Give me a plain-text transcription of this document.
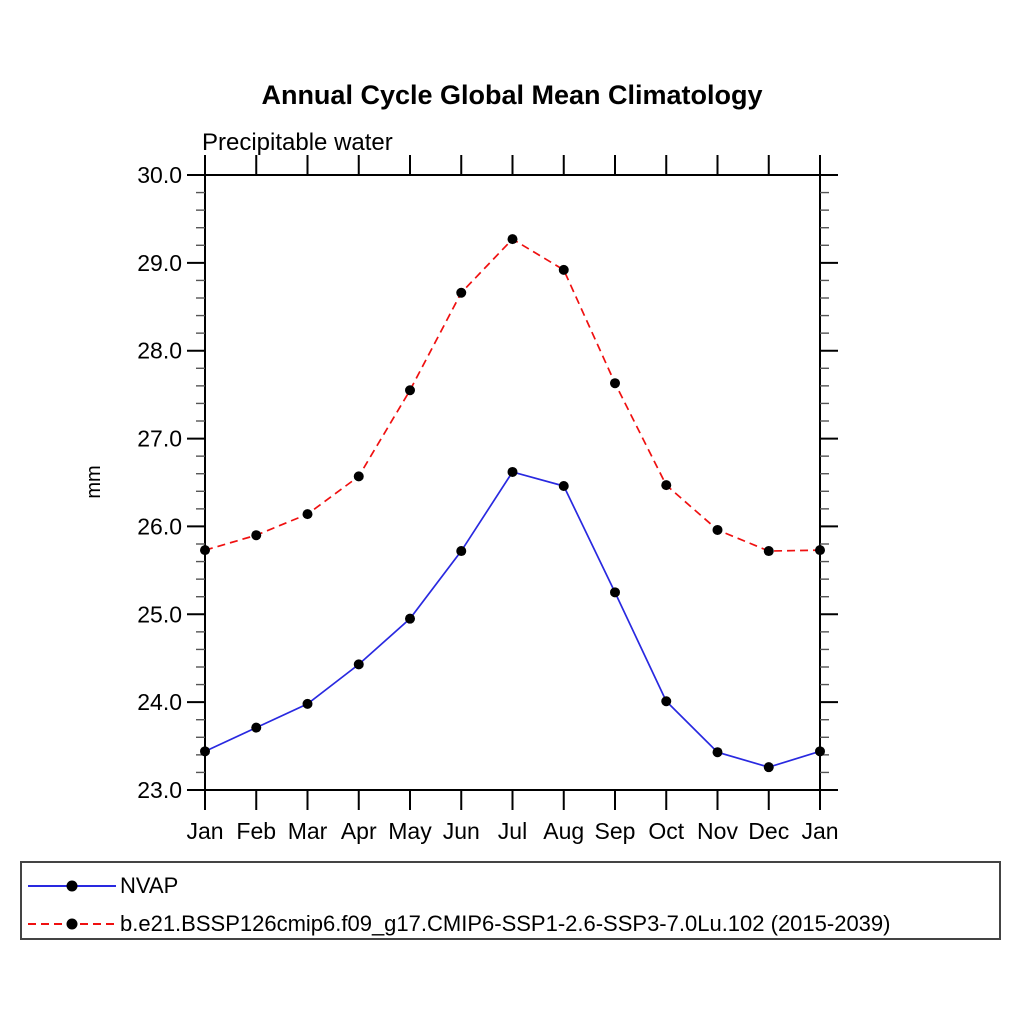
Annual Cycle Global Mean Climatology
Precipitable water
23.0
24.0
25.0
26.0
27.0
28.0
29.0
30.0
Jan Feb Mar Apr May Jun Jul Aug Sep Oct Nov Dec Jan
mm
NVAP
b.e21.BSSP126cmip6.f09_g17.CMIP6-SSP1-2.6-SSP3-7.0Lu.102 (2015-2039)
